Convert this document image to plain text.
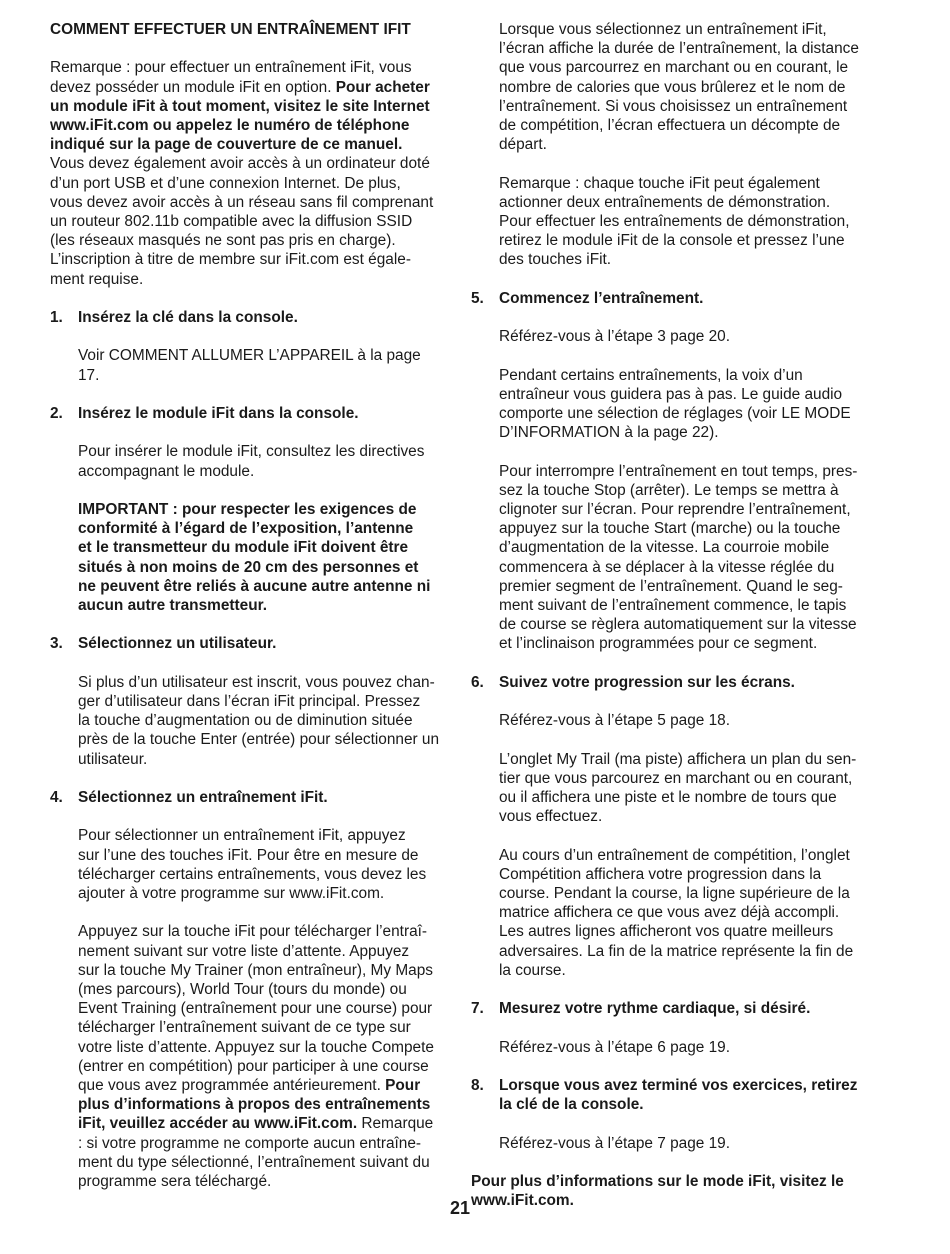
COMMENT EFFECTUER UN ENTRAÎNEMENT IFIT

Remarque : pour effectuer un entraînement iFit, vous
devez posséder un module iFit en option. Pour acheter
un module iFit à tout moment, visitez le site Internet
www.iFit.com ou appelez le numéro de téléphone
indiqué sur la page de couverture de ce manuel.
Vous devez également avoir accès à un ordinateur doté
d’un port USB et d’une connexion Internet. De plus,
vous devez avoir accès à un réseau sans fil comprenant
un routeur 802.11b compatible avec la diffusion SSID
(les réseaux masqués ne sont pas pris en charge).
L’inscription à titre de membre sur iFit.com est égale-
ment requise.

1. Insérez la clé dans la console.

Voir COMMENT ALLUMER L’APPAREIL à la page
17.

2. Insérez le module iFit dans la console.

Pour insérer le module iFit, consultez les directives
accompagnant le module.

IMPORTANT : pour respecter les exigences de
conformité à l’égard de l’exposition, l’antenne
et le transmetteur du module iFit doivent être
situés à non moins de 20 cm des personnes et
ne peuvent être reliés à aucune autre antenne ni
aucun autre transmetteur.

3. Sélectionnez un utilisateur.

Si plus d’un utilisateur est inscrit, vous pouvez chan-
ger d’utilisateur dans l’écran iFit principal. Pressez
la touche d’augmentation ou de diminution située
près de la touche Enter (entrée) pour sélectionner un
utilisateur.

4. Sélectionnez un entraînement iFit.

Pour sélectionner un entraînement iFit, appuyez
sur l’une des touches iFit. Pour être en mesure de
télécharger certains entraînements, vous devez les
ajouter à votre programme sur www.iFit.com.

Appuyez sur la touche iFit pour télécharger l’entraî-
nement suivant sur votre liste d’attente. Appuyez
sur la touche My Trainer (mon entraîneur), My Maps
(mes parcours), World Tour (tours du monde) ou
Event Training (entraînement pour une course) pour
télécharger l’entraînement suivant de ce type sur
votre liste d’attente. Appuyez sur la touche Compete
(entrer en compétition) pour participer à une course
que vous avez programmée antérieurement. Pour
plus d’informations à propos des entraînements
iFit, veuillez accéder au www.iFit.com. Remarque
: si votre programme ne comporte aucun entraîne-
ment du type sélectionné, l’entraînement suivant du
programme sera téléchargé.

Lorsque vous sélectionnez un entraînement iFit,
l’écran affiche la durée de l’entraînement, la distance
que vous parcourrez en marchant ou en courant, le
nombre de calories que vous brûlerez et le nom de
l’entraînement. Si vous choisissez un entraînement
de compétition, l’écran effectuera un décompte de
départ.

Remarque : chaque touche iFit peut également
actionner deux entraînements de démonstration.
Pour effectuer les entraînements de démonstration,
retirez le module iFit de la console et pressez l’une
des touches iFit.

5. Commencez l’entraînement.

Référez-vous à l’étape 3 page 20.

Pendant certains entraînements, la voix d’un
entraîneur vous guidera pas à pas. Le guide audio
comporte une sélection de réglages (voir LE MODE
D’INFORMATION à la page 22).

Pour interrompre l’entraînement en tout temps, pres-
sez la touche Stop (arrêter). Le temps se mettra à
clignoter sur l’écran. Pour reprendre l’entraînement,
appuyez sur la touche Start (marche) ou la touche
d’augmentation de la vitesse. La courroie mobile
commencera à se déplacer à la vitesse réglée du
premier segment de l’entraînement. Quand le seg-
ment suivant de l’entraînement commence, le tapis
de course se règlera automatiquement sur la vitesse
et l’inclinaison programmées pour ce segment.

6. Suivez votre progression sur les écrans.

Référez-vous à l’étape 5 page 18.

L’onglet My Trail (ma piste) affichera un plan du sen-
tier que vous parcourez en marchant ou en courant,
ou il affichera une piste et le nombre de tours que
vous effectuez.

Au cours d’un entraînement de compétition, l’onglet
Compétition affichera votre progression dans la
course. Pendant la course, la ligne supérieure de la
matrice affichera ce que vous avez déjà accompli.
Les autres lignes afficheront vos quatre meilleurs
adversaires. La fin de la matrice représente la fin de
la course.

7. Mesurez votre rythme cardiaque, si désiré.

Référez-vous à l’étape 6 page 19.

8. Lorsque vous avez terminé vos exercices, retirez
la clé de la console.

Référez-vous à l’étape 7 page 19.

Pour plus d’informations sur le mode iFit, visitez le
www.iFit.com.

21
